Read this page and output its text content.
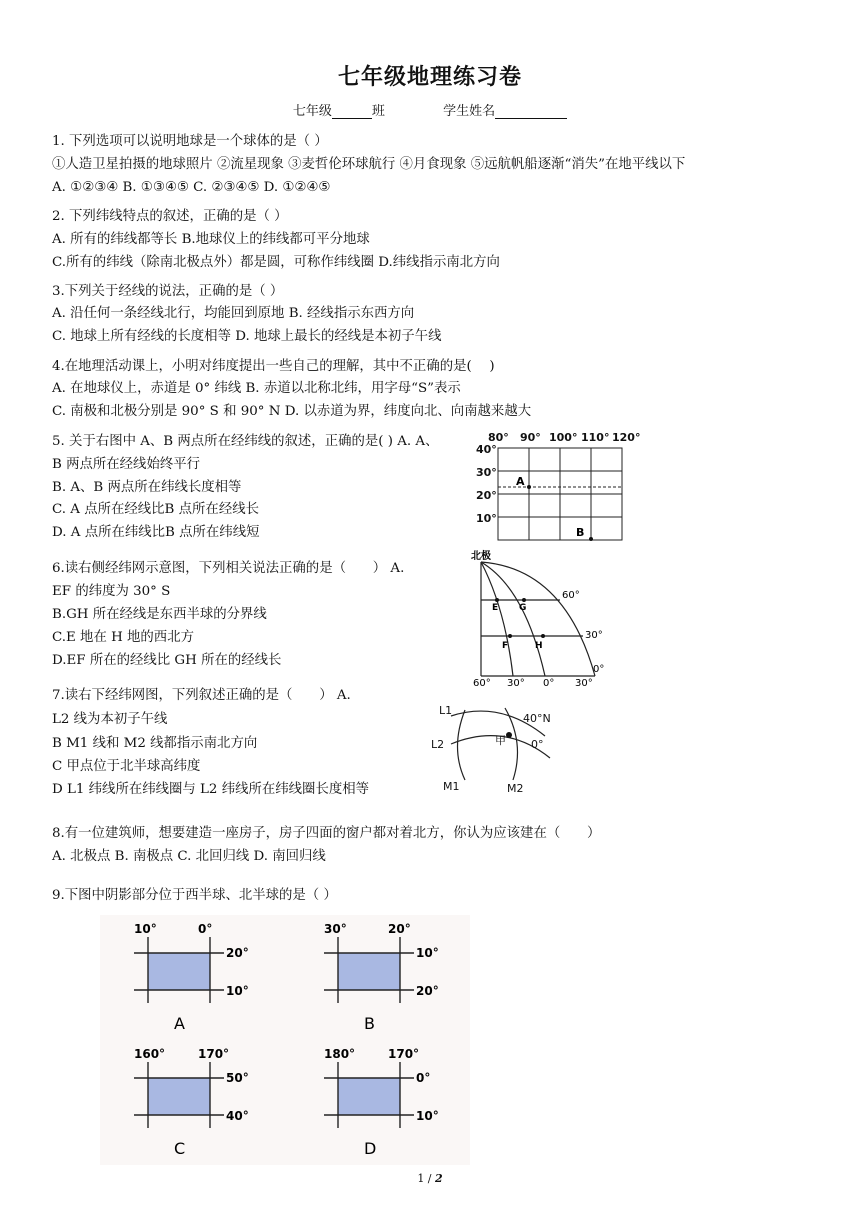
七年级地理练习卷
七年级	班	学生姓名
1. 下列选项可以说明地球是一个球体的是（ ）
①人造卫星拍摄的地球照片 ②流星现象 ③麦哲伦环球航行 ④月食现象 ⑤远航帆船逐渐“消失”在地平线以下
A. ①②③④ B. ①③④⑤ C. ②③④⑤ D. ①②④⑤
2. 下列纬线特点的叙述，正确的是（ ）
A. 所有的纬线都等长 B.地球仪上的纬线都可平分地球
C.所有的纬线（除南北极点外）都是圆，可称作纬线圈 D.纬线指示南北方向
3.下列关于经线的说法，正确的是（ ）
A. 沿任何一条经线北行，均能回到原地 B. 经线指示东西方向
C. 地球上所有经线的长度相等 D. 地球上最长的经线是本初子午线
4.在地理活动课上，小明对纬度提出一些自己的理解，其中不正确的是(　 )
A. 在地球仪上，赤道是 0° 纬线 B. 赤道以北称北纬，用字母“S”表示
C. 南极和北极分别是 90° S 和 90° N D. 以赤道为界，纬度向北、向南越来越大
5. 关于右图中 A、B 两点所在经纬线的叙述，正确的是( ) A. A、
B 两点所在经线始终平行
B. A、B 两点所在纬线长度相等
C. A 点所在经线比B 点所在经线长
D. A 点所在纬线比B 点所在纬线短
80° 90° 100° 110° 120°
40°
30°
20°
10°
A
B
6.读右侧经纬网示意图，下列相关说法正确的是（　　） A.
EF 的纬度为 30° S
B.GH 所在经线是东西半球的分界线
C.E 地在 H 地的西北方
D.EF 所在的经线比 GH 所在的经线长
北极
60°
30°
0°
E G
F	H
60° 30° 0° 30°
7.读右下经纬网图，下列叙述正确的是（　　） A.
L2 线为本初子午线
B M1 线和 M2 线都指示南北方向
C 甲点位于北半球高纬度
D L1 纬线所在纬线圈与 L2 纬线所在纬线圈长度相等
L1
L2
M1	M2
40°N
0°
甲
8.有一位建筑师，想要建造一座房子，房子四面的窗户都对着北方，你认为应该建在（　　）
A. 北极点 B. 南极点 C. 北回归线 D. 南回归线
9.下图中阴影部分位于西半球、北半球的是（ ）
10°	0°
20°
10°
A
30°	20°
10°
20°
B
160°	170°
50°
40°
C
180°	170°
0°
10°
D
1 / 2
